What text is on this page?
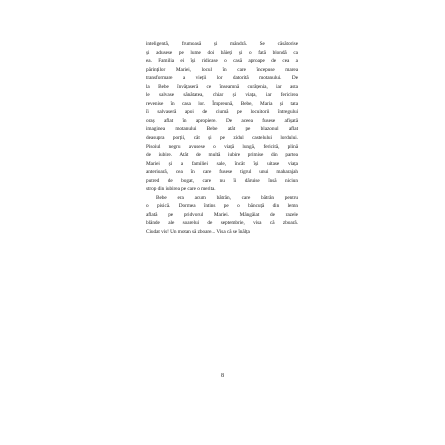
inteligentă, frumoasă și mândră. Se căsătorise
și adusese pe lume doi băieți și o fată blondă ca
ea. Familia ei își ridicase o casă aproape de cea a
părinților Mariei, locul în care începuse marea
transformare a vieții lor datorită motanului. De
la Bebe învățaseră ce înseamnă curățenia, iar asta
le salvase sănătatea, chiar și viața, iar fericirea
revenise în casa lor. Împreună, Bebe, Maria și tata
îi salvaseră apoi de ciumă pe locuitorii întregului
oraș aflat în apropiere. De aceea fusese afișată
imaginea motanului Bebe atât pe blazonul aflat
deasupra porții, cât și pe zidul castelului lordului.
Pisoiul negru avusese o viață lungă, fericită, plină
de iubire. Atât de multă iubire primise din partea
Mariei și a familiei sale, încât își uitase viața
anterioară, cea în care fusese tigrul unui maharajah
putred de bogat, care nu îi dăruise însă niciun
strop din iubirea pe care o merita.
Bebe era acum bătrân, care bătrân pentru
o pisică. Dormea întins pe o băncuță din lemn
aflată pe pridvorul Mariei. Mângâiat de razele
blânde ale soarelui de septembrie, visa că zboară.
Ciudat vis! Un motan să zboare... Visa că se înălța
8
